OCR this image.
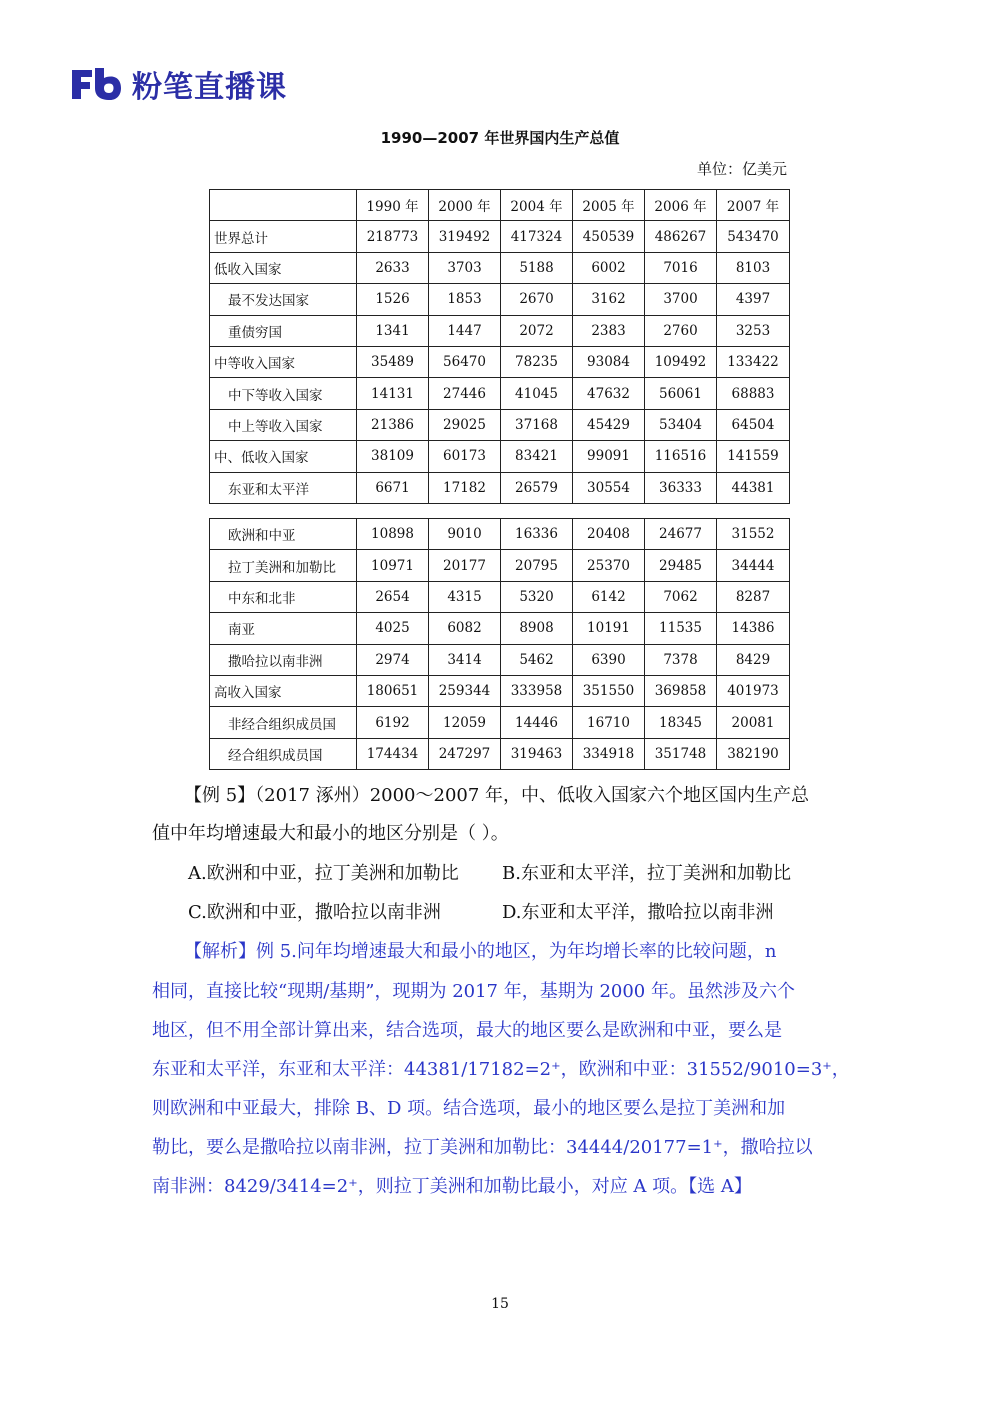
粉笔直播课
1990—2007 年世界国内生产总值
单位：亿美元
	1990 年	2000 年	2004 年	2005 年	2006 年	2007 年
世界总计	218773	319492	417324	450539	486267	543470
低收入国家	2633	3703	5188	6002	7016	8103
最不发达国家	1526	1853	2670	3162	3700	4397
重债穷国	1341	1447	2072	2383	2760	3253
中等收入国家	35489	56470	78235	93084	109492	133422
中下等收入国家	14131	27446	41045	47632	56061	68883
中上等收入国家	21386	29025	37168	45429	53404	64504
中、低收入国家	38109	60173	83421	99091	116516	141559
东亚和太平洋	6671	17182	26579	30554	36333	44381
欧洲和中亚	10898	9010	16336	20408	24677	31552
拉丁美洲和加勒比	10971	20177	20795	25370	29485	34444
中东和北非	2654	4315	5320	6142	7062	8287
南亚	4025	6082	8908	10191	11535	14386
撒哈拉以南非洲	2974	3414	5462	6390	7378	8429
高收入国家	180651	259344	333958	351550	369858	401973
非经合组织成员国	6192	12059	14446	16710	18345	20081
经合组织成员国	174434	247297	319463	334918	351748	382190
【例 5】（2017 涿州）2000～2007 年，中、低收入国家六个地区国内生产总
值中年均增速最大和最小的地区分别是（ ）。
A.欧洲和中亚，拉丁美洲和加勒比 B.东亚和太平洋，拉丁美洲和加勒比
C.欧洲和中亚，撒哈拉以南非洲	D.东亚和太平洋，撒哈拉以南非洲
【解析】例 5.问年均增速最大和最小的地区，为年均增长率的比较问题，n
相同，直接比较“现期/基期”，现期为 2017 年，基期为 2000 年。虽然涉及六个
地区，但不用全部计算出来，结合选项，最大的地区要么是欧洲和中亚，要么是
东亚和太平洋，东亚和太平洋：44381/17182=2⁺，欧洲和中亚：31552/9010=3⁺，
则欧洲和中亚最大，排除 B、D 项。结合选项，最小的地区要么是拉丁美洲和加
勒比，要么是撒哈拉以南非洲，拉丁美洲和加勒比：34444/20177=1⁺，撒哈拉以
南非洲：8429/3414=2⁺，则拉丁美洲和加勒比最小，对应 A 项。【选 A】
15
